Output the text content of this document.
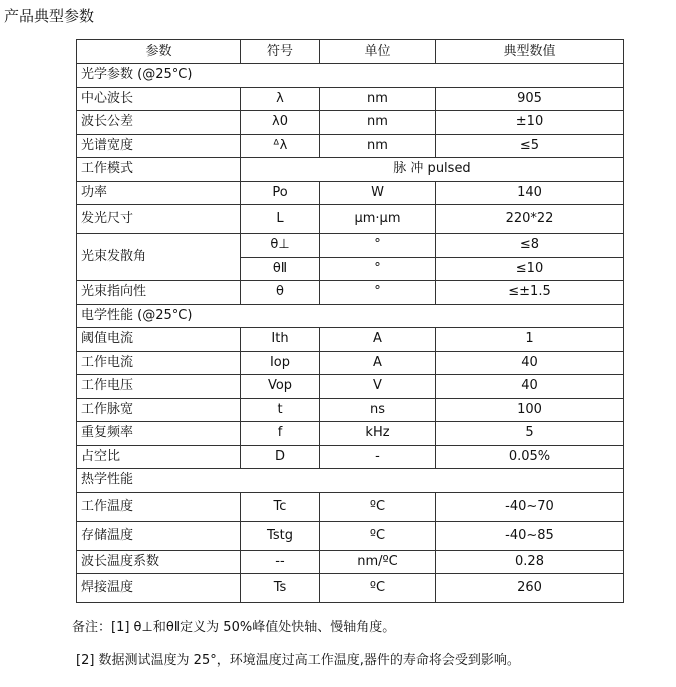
产品典型参数
参数	符号	单位	典型数值
光学参数 (@25°C)			
中心波长	λ	nm	905
波长公差	λ0	nm	±10
光谱宽度	ᐞλ	nm	≤5
工作模式	脉 冲 pulsed		
功率	Po	W	140
发光尺寸	L	μm·μm	220*22
光束发散角	θ⊥	°	≤8
	θⅡ	°	≤10
光束指向性	θ	°	≤±1.5
电学性能 (@25°C)			
阈值电流	Ith	A	1
工作电流	Iop	A	40
工作电压	Vop	V	40
工作脉宽	t	ns	100
重复频率	f	kHz	5
占空比	D	-	0.05%
热学性能			
工作温度	Tc	ºC	-40~70
存储温度	Tstg	ºC	-40~85
波长温度系数	--	nm/ºC	0.28
焊接温度	Ts	ºC	260
备注：[1] θ⊥和θⅡ定义为 50%峰值处快轴、慢轴角度。
[2] 数据测试温度为 25°，环境温度过高工作温度,器件的寿命将会受到影响。
